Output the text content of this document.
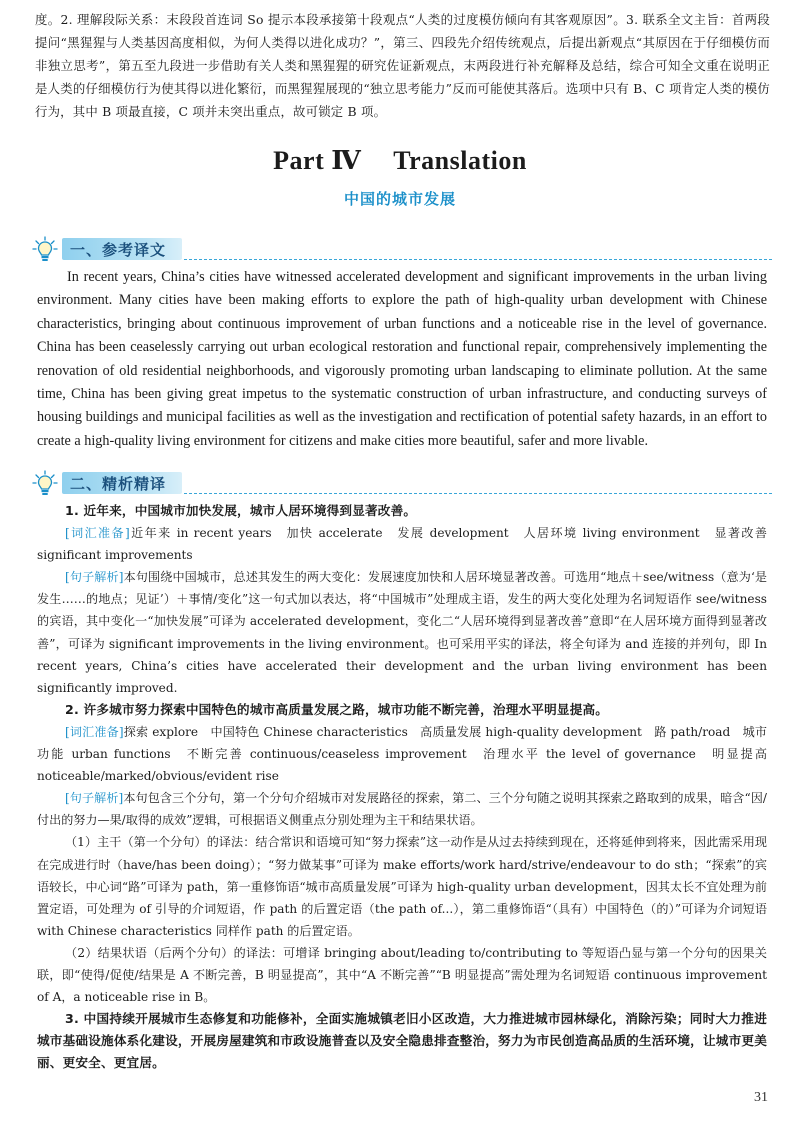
度。2. 理解段际关系：末段段首连词 So 提示本段承接第十段观点“人类的过度模仿倾向有其客观原因”。3. 联系全文主旨：首两段提问“黑猩猩与人类基因高度相似，为何人类得以进化成功？”，第三、四段先介绍传统观点，后提出新观点“其原因在于仔细模仿而非独立思考”，第五至九段进一步借助有关人类和黑猩猩的研究佐证新观点，末两段进行补充解释及总结，综合可知全文重在说明正是人类的仔细模仿行为使其得以进化繁衍，而黑猩猩展现的“独立思考能力”反而可能使其落后。选项中只有 B、C 项肯定人类的模仿行为，其中 B 项最直接，C 项并未突出重点，故可锁定 B 项。
Part Ⅳ Translation
中国的城市发展
一、参考译文

In recent years, China’s cities have witnessed accelerated development and significant improvements in the urban living environment. Many cities have been making efforts to explore the path of high-quality urban development with Chinese characteristics, bringing about continuous improvement of urban functions and a noticeable rise in the level of governance. China has been ceaselessly carrying out urban ecological restoration and functional repair, comprehensively implementing the renovation of old residential neighborhoods, and vigorously promoting urban landscaping to eliminate pollution. At the same time, China has been giving great impetus to the systematic construction of urban infrastructure, and conducting surveys of housing buildings and municipal facilities as well as the investigation and rectification of potential safety hazards, in an effort to create a high-quality living environment for citizens and make cities more beautiful, safer and more livable.

二、精析精译

1. 近年来，中国城市加快发展，城市人居环境得到显著改善。

[词汇准备]近年来 in recent years　加快 accelerate　发展 development　人居环境 living environment　显著改善 significant improvements

[句子解析]本句围绕中国城市，总述其发生的两大变化：发展速度加快和人居环境显著改善。可选用“地点＋see/witness（意为‘是发生……的地点；见证’）＋事情/变化”这一句式加以表达，将“中国城市”处理成主语，发生的两大变化处理为名词短语作 see/witness 的宾语，其中变化一“加快发展”可译为 accelerated development，变化二“人居环境得到显著改善”意即“在人居环境方面得到显著改善”，可译为 significant improvements in the living environment。也可采用平实的译法，将全句译为 and 连接的并列句，即 In recent years, China’s cities have accelerated their development and the urban living environment has been significantly improved.

2. 许多城市努力探索中国特色的城市高质量发展之路，城市功能不断完善，治理水平明显提高。

[词汇准备]探索 explore　中国特色 Chinese characteristics　高质量发展 high-quality development　路 path/road　城市功能 urban functions　不断完善 continuous/ceaseless improvement　治理水平 the level of governance　明显提高 noticeable/marked/obvious/evident rise

[句子解析]本句包含三个分句，第一个分句介绍城市对发展路径的探索，第二、三个分句随之说明其探索之路取到的成果，暗含“因/付出的努力—果/取得的成效”逻辑，可根据语义侧重点分别处理为主干和结果状语。

（1）主干（第一个分句）的译法：结合常识和语境可知“努力探索”这一动作是从过去持续到现在，还将延伸到将来，因此需采用现在完成进行时（have/has been doing）；“努力做某事”可译为 make efforts/work hard/strive/endeavour to do sth；“探索”的宾语较长，中心词“路”可译为 path，第一重修饰语“城市高质量发展”可译为 high-quality urban development，因其太长不宜处理为前置定语，可处理为 of 引导的介词短语，作 path 的后置定语（the path of...），第二重修饰语“（具有）中国特色（的）”可译为介词短语 with Chinese characteristics 同样作 path 的后置定语。

（2）结果状语（后两个分句）的译法：可增译 bringing about/leading to/contributing to 等短语凸显与第一个分句的因果关联，即“使得/促使/结果是 A 不断完善，B 明显提高”，其中“A 不断完善”“B 明显提高”需处理为名词短语 continuous improvement of A，a noticeable rise in B。

3. 中国持续开展城市生态修复和功能修补，全面实施城镇老旧小区改造，大力推进城市园林绿化，消除污染；同时大力推进城市基础设施体系化建设，开展房屋建筑和市政设施普查以及安全隐患排查整治，努力为市民创造高品质的生活环境，让城市更美丽、更安全、更宜居。

31
